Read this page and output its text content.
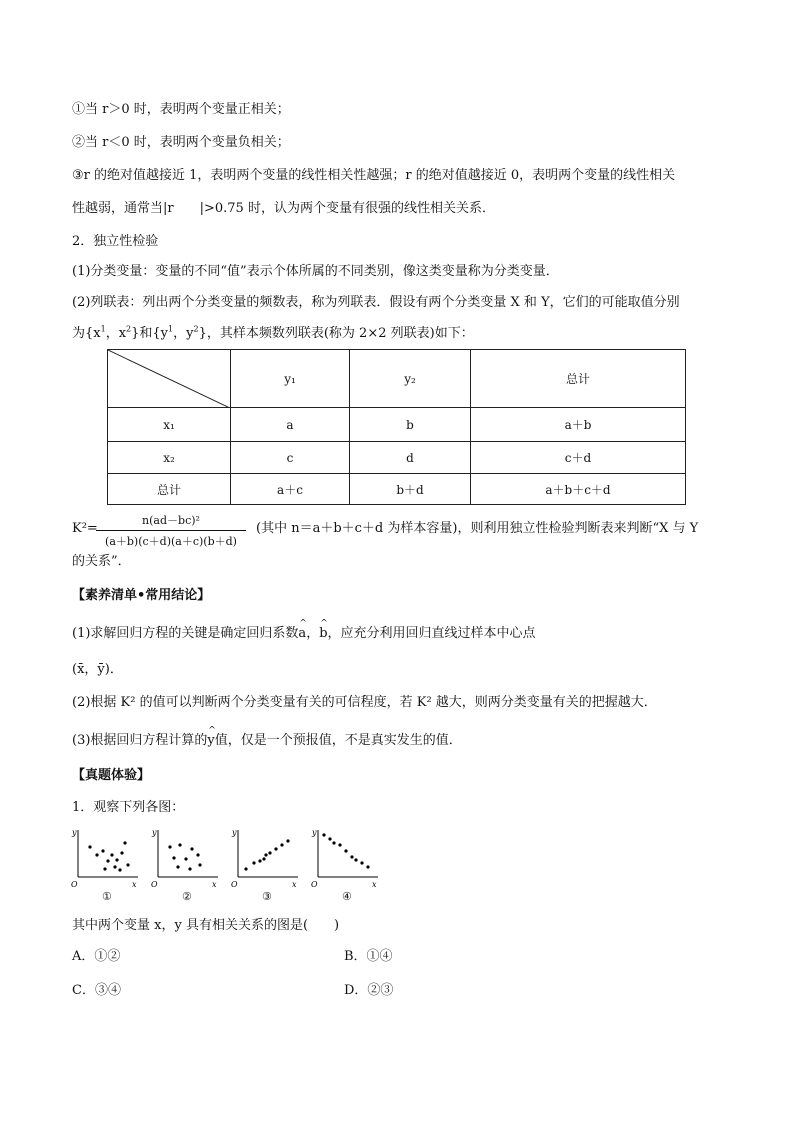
①当 r＞0 时，表明两个变量正相关；
②当 r＜0 时，表明两个变量负相关；
③r 的绝对值越接近 1，表明两个变量的线性相关性越强；r 的绝对值越接近 0，表明两个变量的线性相关
性越弱，通常当|r　　|>0.75 时，认为两个变量有很强的线性相关关系．
2．独立性检验
(1)分类变量：变量的不同“值”表示个体所属的不同类别，像这类变量称为分类变量．
(2)列联表：列出两个分类变量的频数表，称为列联表．假设有两个分类变量 X 和 Y，它们的可能取值分别
为{$x^1$，$x^2$}和{$y^1$，$y^2$}，其样本频数列联表(称为 2×2 列联表)如下：
	y₁	y₂	总计
x₁	a	b	a＋b
x₂	c	d	c＋d
总计	a＋c	b＋d	a＋b＋c＋d
K²=
$\frac{\text{n(ad－bc)²}}{(a+b)(c+d)(a+c)(b+d)}$ (其中 n＝a＋b＋c＋d 为样本容量)，则利用独立性检验判断表来判断“X 与 Y
的关系”．
【素养清单•常用结论】
(1)求解回归方程的关键是确定回归系数^ a，^ b，应充分利用回归直线过样本中心点
(x̄，ȳ)．
(2)根据 K² 的值可以判断两个分类变量有关的可信程度，若 K² 越大，则两分类变量有关的把握越大．
(3)根据回归方程计算的^ y值，仅是一个预报值，不是真实发生的值．
【真题体验】
1．观察下列各图：
y
x
O
y
x
O
y
x
O
y
x
O
①	②	③	④
其中两个变量 x，y 具有相关关系的图是(　　)
A．①②	B．①④
C．③④	D．②③
